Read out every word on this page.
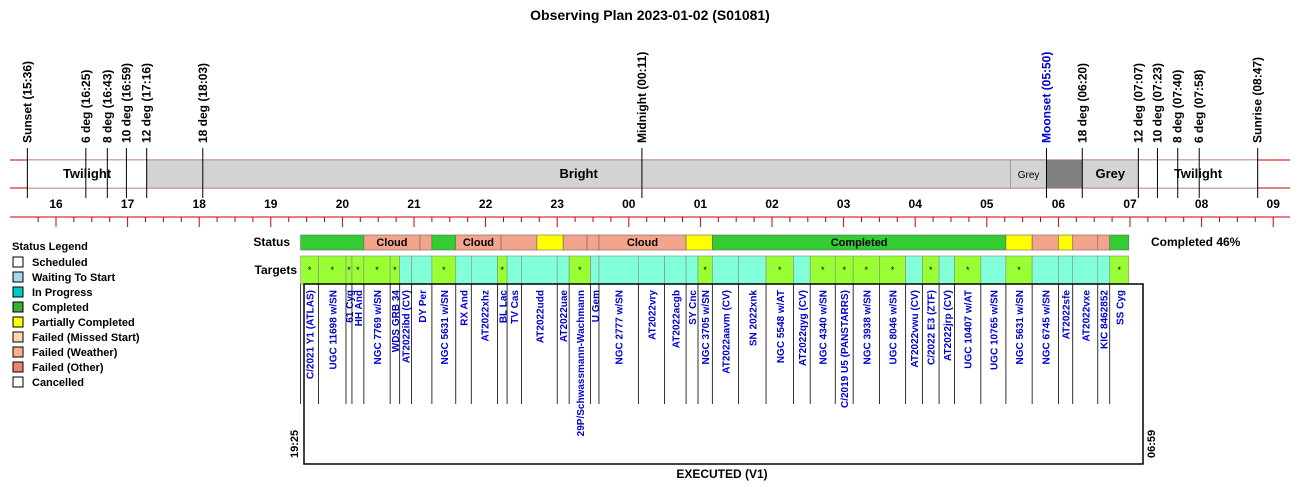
Observing Plan 2023-01-02 (S01081)
Twilight	Bright	Grey	Grey	Twilight
Sunset (15:36)	6 deg (16:25) 8 deg (16:43) 10 deg (16:59) 12 deg (17:16)	18 deg (18:03)	Midnight (00:11)	Moonset (05:50) 18 deg (06:20)	12 deg (07:07) 10 deg (07:23) 8 deg (07:40) 6 deg (07:58)	Sunrise (08:47)
16	17	18	19	20	21	22	23	00	01	02	03	04	05	06	07	08	09
Status Legend
Scheduled
Waiting To Start
In Progress
Completed
Partially Completed
Failed (Missed Start)
Failed (Weather)
Failed (Other)
Cancelled
Status
Targets
Completed 46%
Cloud	Cloud	Cloud	Completed
* * * * * *	*	*	*	*	*	* * *	*	*	*	*	*
C/2021 Y1 (ATLAS) UGC 11698 w/SN 61 Cyg
HH And NGC 7769 w/SN WDS GRB 34 AT2022ibd (CV) DY Per NGC 5631 w/SN RX And AT2022xhz BL Lac TV Cas AT2022udd AT2022uae 29P/Schwassmann-Wachmann U Gem NGC 2777 w/SN AT2022vry AT2022acgb SY Cnc NGC 3705 w/SN AT2022aavm (CV) SN 2022xnk NGC 5548 w/AT AT2022qyg (CV) NGC 4340 w/SN C/2019 U5 (PANSTARRS) NGC 3938 w/SN UGC 8046 w/SN AT2022vwu (CV) C/2022 E3 (ZTF) AT2022jrp (CV) UGC 10407 w/AT UGC 10765 w/SN NGC 5631 w/SN NGC 6745 w/SN AT2022sfe AT2022vxe KIC 8462852 SS Cyg
19:25	06:59
EXECUTED (V1)
